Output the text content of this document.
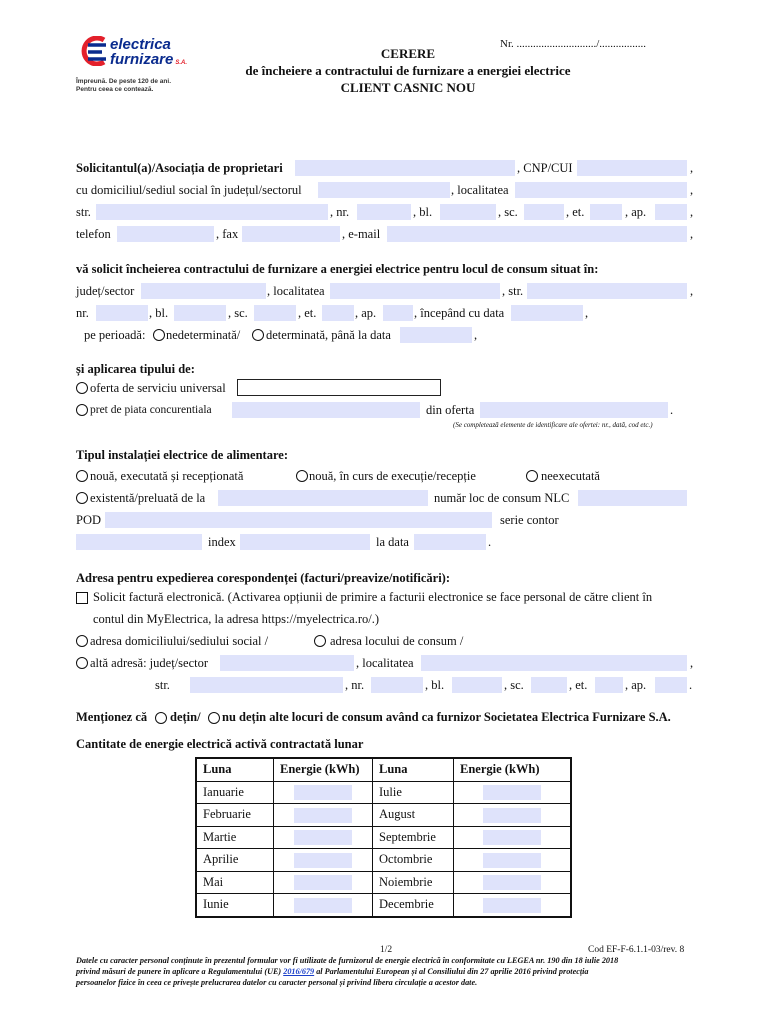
electrica
furnizare S.A.
Împreună. De peste 120 de ani.
Pentru ceea ce contează.
Nr. ............................./.................
CERERE
de încheiere a contractului de furnizare a energiei electrice
CLIENT CASNIC NOU
Solicitantul(a)/Asociația de proprietari	, CNP/CUI	,
cu domiciliul/sediul social în județul/sectorul	, localitatea	,
str.	, nr.	, bl.	, sc.	, et.	, ap.	,
telefon	, fax	, e-mail	,
vă solicit încheierea contractului de furnizare a energiei electrice pentru locul de consum situat în:
județ/sector	, localitatea	, str.	,
nr.	, bl.	, sc.	, et.	, ap.	, începând cu data	,
pe perioadă: nedeterminată/ determinată, până la data	,
și aplicarea tipului de:
oferta de serviciu universal
pret de piata concurentiala	din oferta	.
(Se completează elemente de identificare ale ofertei: nr., dată, cod etc.)
Tipul instalației electrice de alimentare:
nouă, executată și recepționată	nouă, în curs de execuție/recepție	neexecutată
existentă/preluată de la	număr loc de consum NLC
POD	serie contor
index	la data	.
Adresa pentru expedierea corespondenței (facturi/preavize/notificări):
Solicit factură electronică. (Activarea opțiunii de primire a facturii electronice se face personal de către client în
contul din MyElectrica, la adresa https://myelectrica.ro/.)
adresa domiciliului/sediului social /	adresa locului de consum /
altă adresă: județ/sector	, localitatea	,
str.	, nr.	, bl.	, sc.	, et.	, ap.	.
Menționez că dețin/ nu dețin alte locuri de consum având ca furnizor Societatea Electrica Furnizare S.A.
Cantitate de energie electrică activă contractată lunar
Luna	Energie (kWh)	Luna	Energie (kWh)
Ianuarie		Iulie	
Februarie		August	
Martie		Septembrie	
Aprilie		Octombrie	
Mai		Noiembrie	
Iunie		Decembrie	
1/2	Cod EF-F-6.1.1-03/rev. 8
Datele cu caracter personal conținute în prezentul formular vor fi utilizate de furnizorul de energie electrică în conformitate cu LEGEA nr. 190 din 18 iulie 2018
privind măsuri de punere în aplicare a Regulamentului (UE) 2016/679 al Parlamentului European și al Consiliului din 27 aprilie 2016 privind protecția
persoanelor fizice în ceea ce privește prelucrarea datelor cu caracter personal și privind libera circulație a acestor date.
